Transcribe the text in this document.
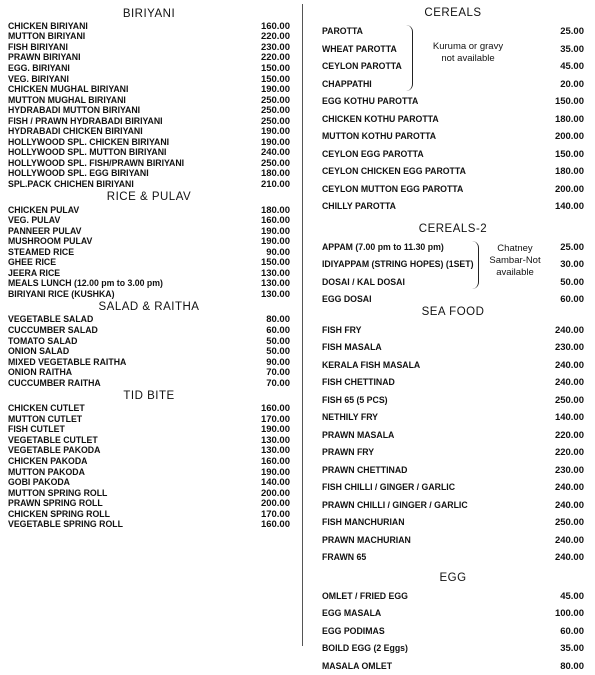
BIRIYANI
CHICKEN BIRIYANI	160.00
MUTTON BIRIYANI	220.00
FISH BIRIYANI	230.00
PRAWN BIRIYANI	220.00
EGG. BIRIYANI	150.00
VEG. BIRIYANI	150.00
CHICKEN MUGHAL BIRIYANI	190.00
MUTTON MUGHAL BIRIYANI	250.00
HYDRABADI MUTTON BIRIYANI	250.00
FISH / PRAWN HYDRABADI BIRIYANI	250.00
HYDRABADI CHICKEN BIRIYANI	190.00
HOLLYWOOD SPL. CHICKEN BIRIYANI	190.00
HOLLYWOOD SPL. MUTTON BIRIYANI	240.00
HOLLYWOOD SPL. FISH/PRAWN BIRIYANI	250.00
HOLLYWOOD SPL. EGG BIRIYANI	180.00
SPL.PACK CHICHEN BIRIYANI	210.00
RICE & PULAV
CHICKEN PULAV	180.00
VEG. PULAV	160.00
PANNEER PULAV	190.00
MUSHROOM PULAV	190.00
STEAMED RICE	90.00
GHEE RICE	150.00
JEERA RICE	130.00
MEALS LUNCH (12.00 pm to 3.00 pm)	130.00
BIRIYANI RICE (KUSHKA)	130.00
SALAD & RAITHA
VEGETABLE SALAD	80.00
CUCCUMBER SALAD	60.00
TOMATO SALAD	50.00
ONION SALAD	50.00
MIXED VEGETABLE RAITHA	90.00
ONION RAITHA	70.00
CUCCUMBER RAITHA	70.00
TID BITE
CHICKEN CUTLET	160.00
MUTTON CUTLET	170.00
FISH CUTLET	190.00
VEGETABLE CUTLET	130.00
VEGETABLE PAKODA	130.00
CHICKEN PAKODA	160.00
MUTTON PAKODA	190.00
GOBI PAKODA	140.00
MUTTON SPRING ROLL	200.00
PRAWN SPRING ROLL	200.00
CHICKEN SPRING ROLL	170.00
VEGETABLE SPRING ROLL	160.00
CEREALS
Kuruma or gravy
not available
PAROTTA	25.00
WHEAT PAROTTA	35.00
CEYLON PAROTTA	45.00
CHAPPATHI	20.00
EGG KOTHU PAROTTA	150.00
CHICKEN KOTHU PAROTTA	180.00
MUTTON KOTHU PAROTTA	200.00
CEYLON EGG PAROTTA	150.00
CEYLON CHICKEN EGG PAROTTA	180.00
CEYLON MUTTON EGG PAROTTA	200.00
CHILLY PAROTTA	140.00
CEREALS-2
Chatney
Sambar-Not
available
APPAM (7.00 pm to 11.30 pm)	25.00
IDIYAPPAM (STRING HOPES) (1SET)	30.00
DOSAI / KAL DOSAI	50.00
EGG DOSAI	60.00
SEA FOOD
FISH FRY	240.00
FISH MASALA	230.00
KERALA FISH MASALA	240.00
FISH CHETTINAD	240.00
FISH 65 (5 PCS)	250.00
NETHILY FRY	140.00
PRAWN MASALA	220.00
PRAWN FRY	220.00
PRAWN CHETTINAD	230.00
FISH CHILLI / GINGER / GARLIC	240.00
PRAWN CHILLI / GINGER / GARLIC	240.00
FISH MANCHURIAN	250.00
PRAWN MACHURIAN	240.00
FRAWN 65	240.00
EGG
OMLET / FRIED EGG	45.00
EGG MASALA	100.00
EGG PODIMAS	60.00
BOILD EGG (2 Eggs)	35.00
MASALA OMLET	80.00
